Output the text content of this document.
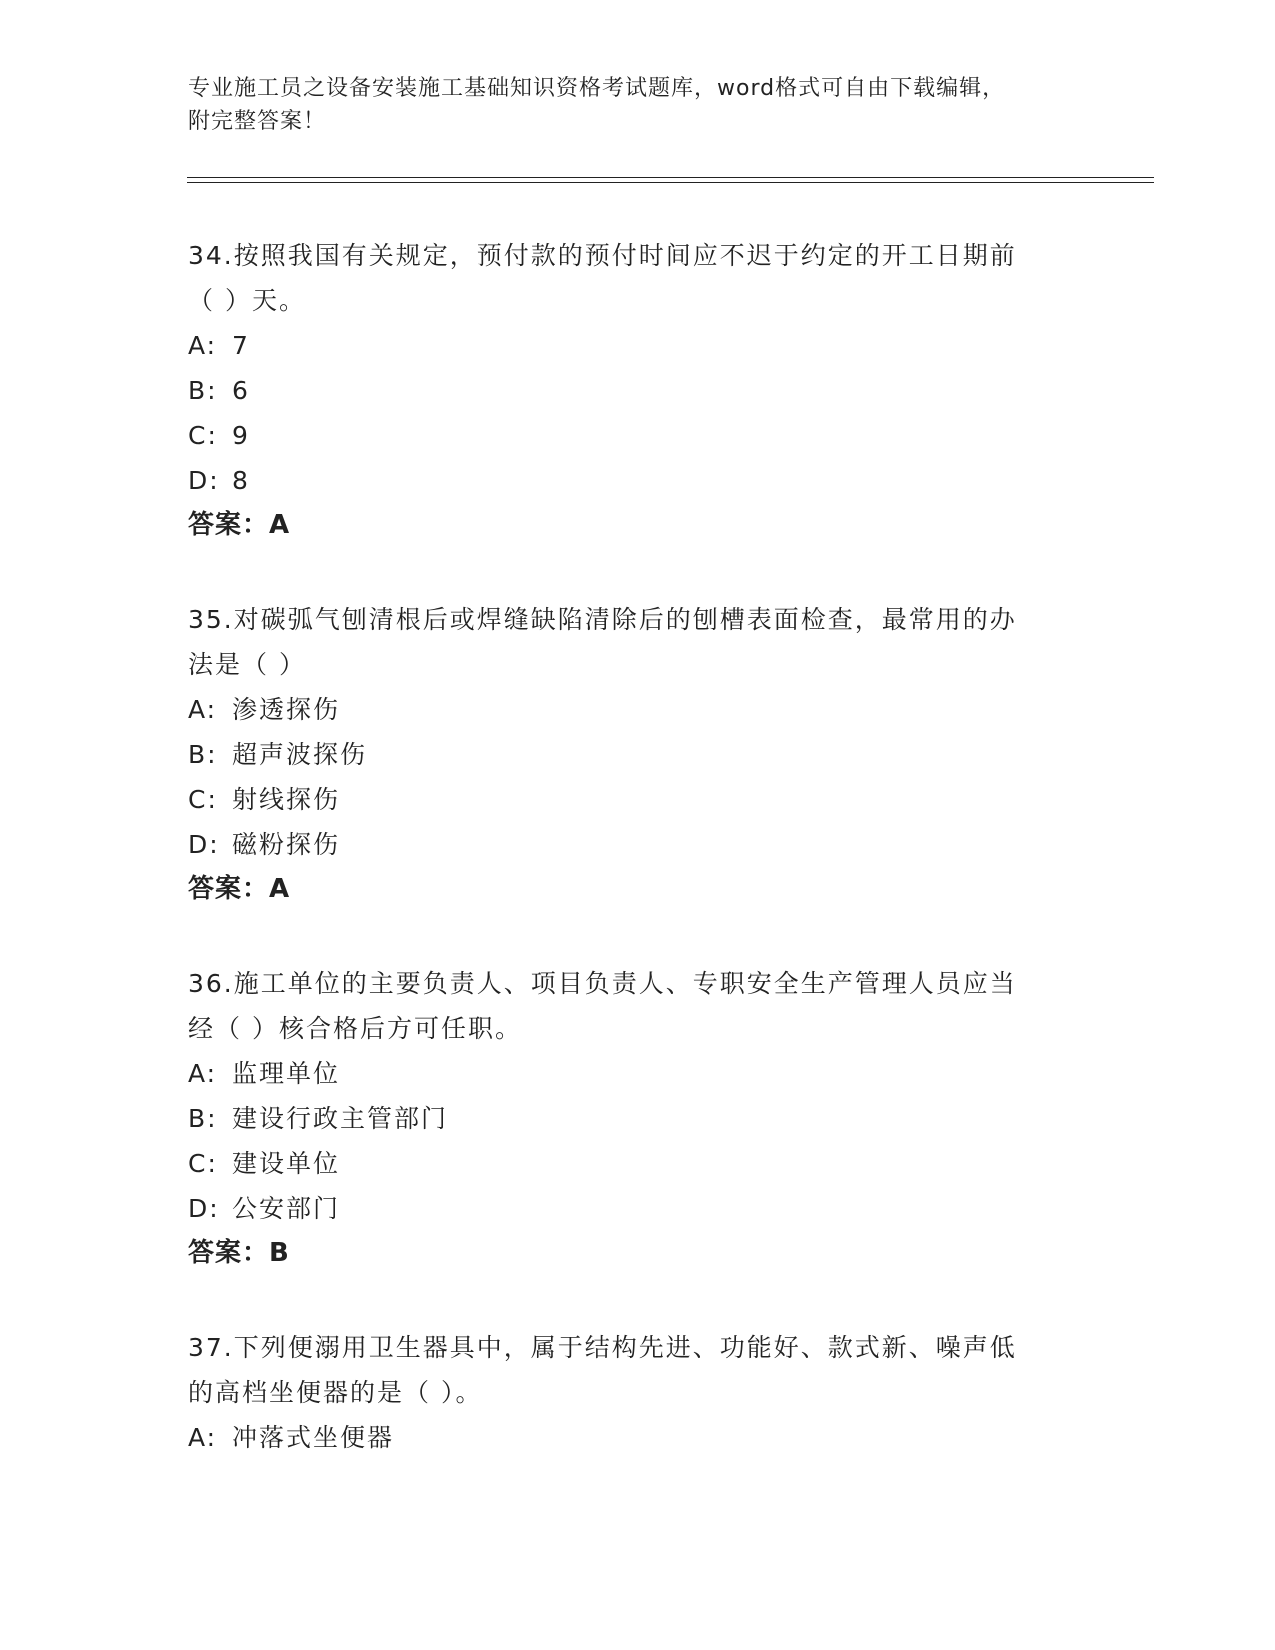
专业施工员之设备安装施工基础知识资格考试题库，word格式可自由下载编辑，
附完整答案！

34.按照我国有关规定，预付款的预付时间应不迟于约定的开工日期前
（ ）天。

A: 7

B: 6

C: 9

D: 8

答案：A

35.对碳弧气刨清根后或焊缝缺陷清除后的刨槽表面检查，最常用的办
法是（ ）

A: 渗透探伤

B: 超声波探伤

C: 射线探伤

D: 磁粉探伤

答案：A

36.施工单位的主要负责人、项目负责人、专职安全生产管理人员应当
经（ ）核合格后方可任职。

A: 监理单位

B: 建设行政主管部门

C: 建设单位

D: 公安部门

答案：B

37.下列便溺用卫生器具中，属于结构先进、功能好、款式新、噪声低
的高档坐便器的是（ ）。

A: 冲落式坐便器
